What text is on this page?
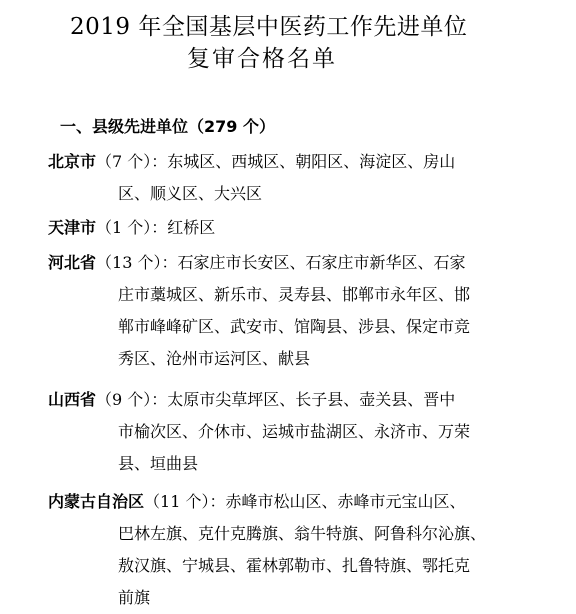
2019 年全国基层中医药工作先进单位
复审合格名单
一、县级先进单位（279 个）
北京市（7 个）：东城区、西城区、朝阳区、海淀区、房山
区、顺义区、大兴区
天津市（1 个）：红桥区
河北省（13 个）：石家庄市长安区、石家庄市新华区、石家
庄市藁城区、新乐市、灵寿县、邯郸市永年区、邯
郸市峰峰矿区、武安市、馆陶县、涉县、保定市竞
秀区、沧州市运河区、献县
山西省（9 个）：太原市尖草坪区、长子县、壶关县、晋中
市榆次区、介休市、运城市盐湖区、永济市、万荣
县、垣曲县
内蒙古自治区（11 个）：赤峰市松山区、赤峰市元宝山区、
巴林左旗、克什克腾旗、翁牛特旗、阿鲁科尔沁旗、
敖汉旗、宁城县、霍林郭勒市、扎鲁特旗、鄂托克
前旗
